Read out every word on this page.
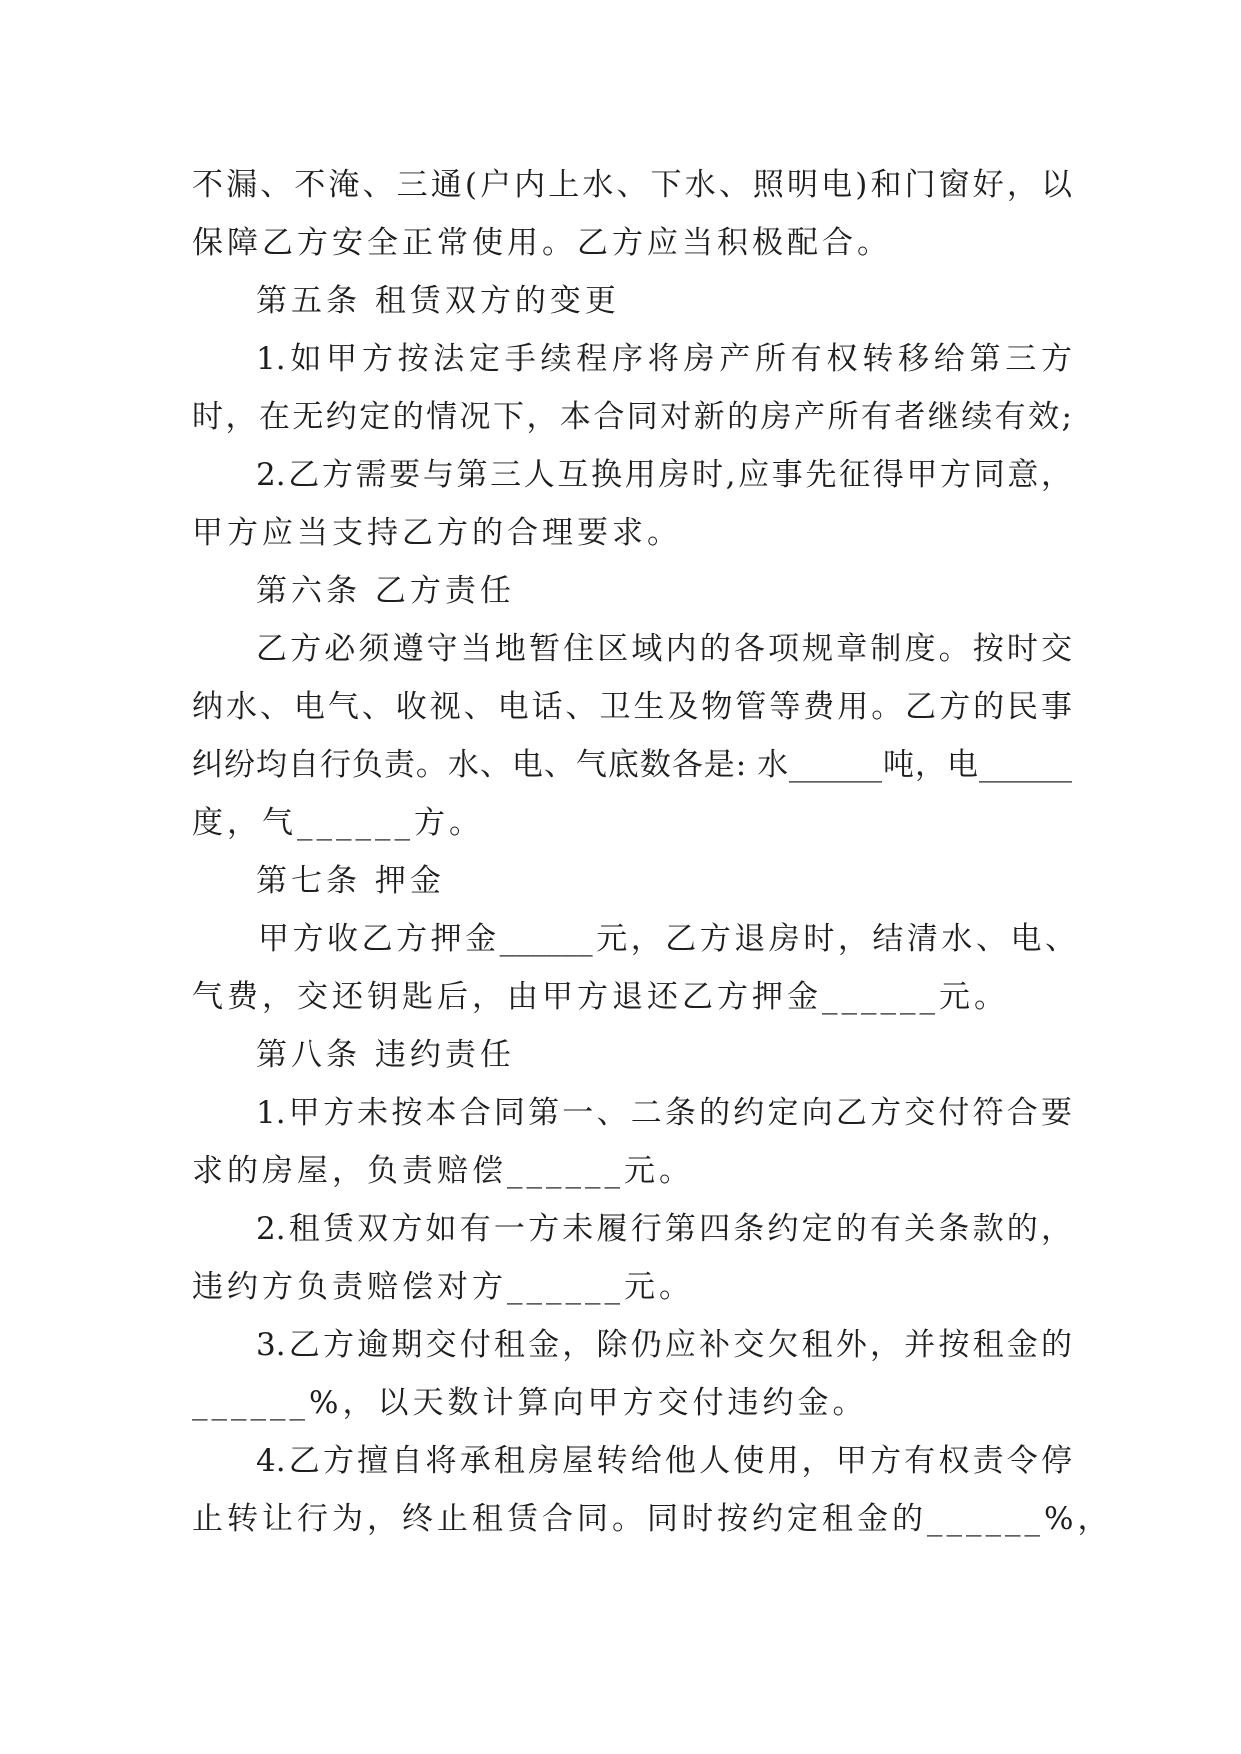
不漏、不淹、三通(户内上水、下水、照明电)和门窗好，以
保障乙方安全正常使用。乙方应当积极配合。
第五条 租赁双方的变更
1.如甲方按法定手续程序将房产所有权转移给第三方
时，在无约定的情况下，本合同对新的房产所有者继续有效;
2.乙方需要与第三人互换用房时,应事先征得甲方同意，
甲方应当支持乙方的合理要求。
第六条 乙方责任
乙方必须遵守当地暂住区域内的各项规章制度。按时交
纳水、电气、收视、电话、卫生及物管等费用。乙方的民事
纠纷均自行负责。水、电、气底数各是: 水______吨，电______
度，气______方。
第七条 押金
甲方收乙方押金______元，乙方退房时，结清水、电、
气费，交还钥匙后，由甲方退还乙方押金______元。
第八条 违约责任
1.甲方未按本合同第一、二条的约定向乙方交付符合要
求的房屋，负责赔偿______元。
2.租赁双方如有一方未履行第四条约定的有关条款的，
违约方负责赔偿对方______元。
3.乙方逾期交付租金，除仍应补交欠租外，并按租金的
______%，以天数计算向甲方交付违约金。
4.乙方擅自将承租房屋转给他人使用，甲方有权责令停
止转让行为，终止租赁合同。同时按约定租金的______%，
